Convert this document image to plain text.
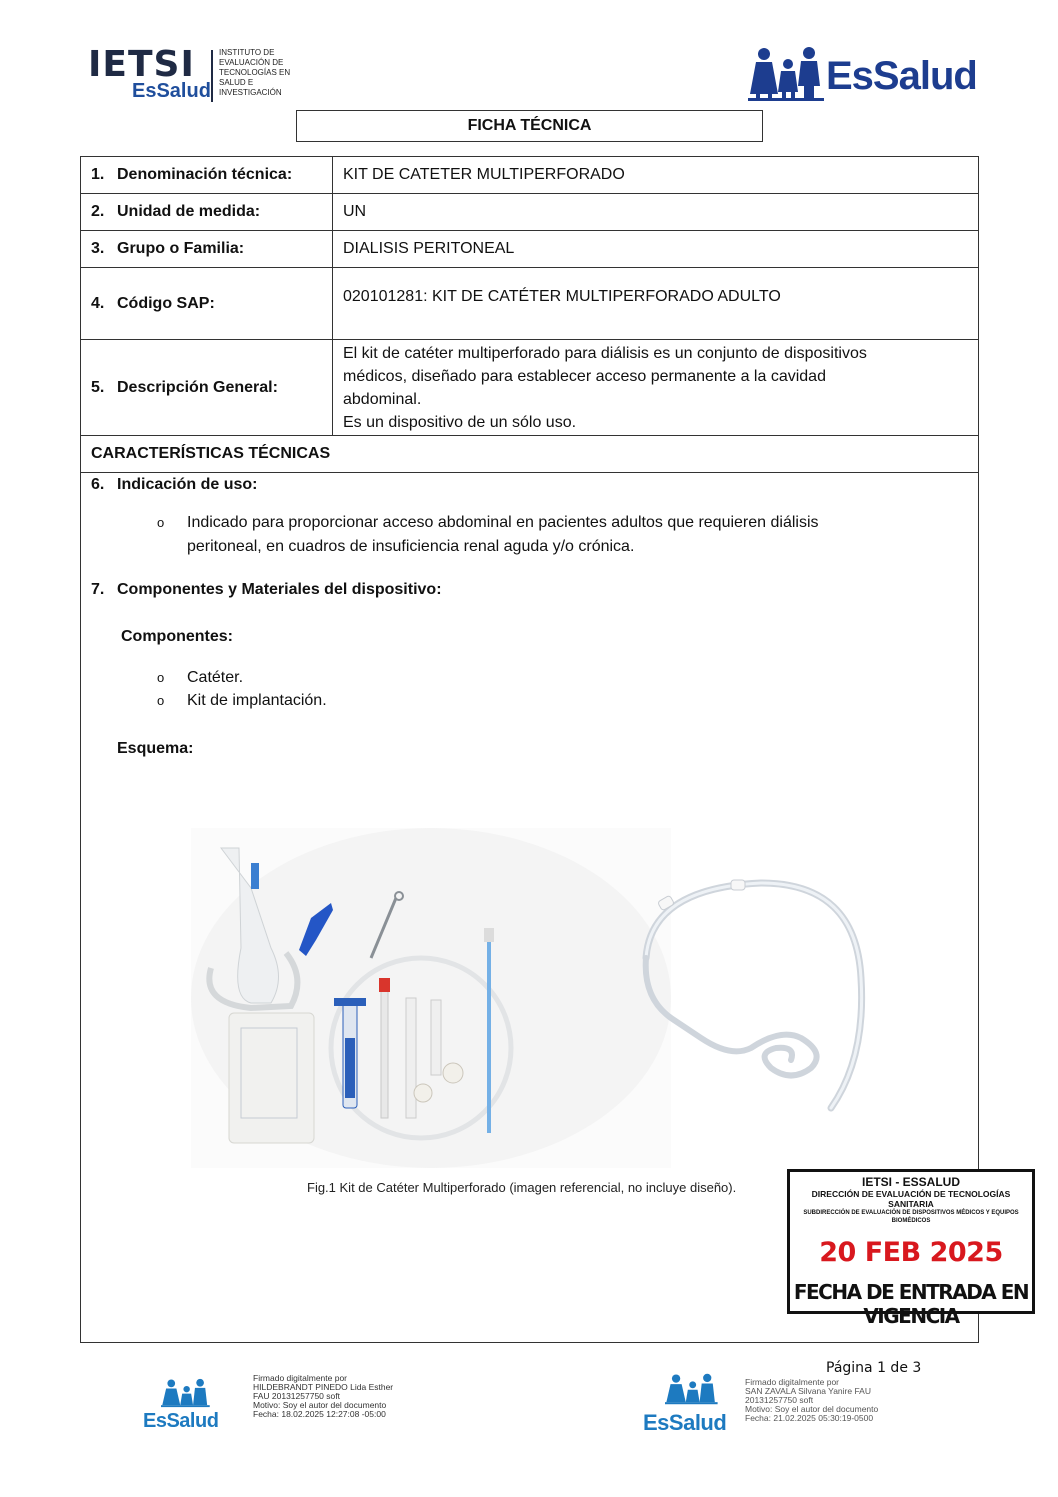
IETSI
EsSalud
INSTITUTO DE
EVALUACIÓN DE
TECNOLOGÍAS EN
SALUD E
INVESTIGACIÓN	EsSalud
FICHA TÉCNICA
1. Denominación técnica:	KIT DE CATETER MULTIPERFORADO
2. Unidad de medida:	UN
3. Grupo o Familia:	DIALISIS PERITONEAL
4. Código SAP:	020101281: KIT DE CATÉTER MULTIPERFORADO ADULTO
5. Descripción General:
El kit de catéter multiperforado para diálisis es un conjunto de dispositivos
médicos, diseñado para establecer acceso permanente a la cavidad
abdominal.
Es un dispositivo de un sólo uso.
CARACTERÍSTICAS TÉCNICAS
6. Indicación de uso:
o	Indicado para proporcionar acceso abdominal en pacientes adultos que requieren diálisis
peritoneal, en cuadros de insuficiencia renal aguda y/o crónica.
7. Componentes y Materiales del dispositivo:
Componentes:
o	Catéter.
o	Kit de implantación.
Esquema:
Fig.1 Kit de Catéter Multiperforado (imagen referencial, no incluye diseño).	IETSI - ESSALUD
DIRECCIÓN DE EVALUACIÓN DE TECNOLOGÍAS SANITARIA
SUBDIRECCIÓN DE EVALUACIÓN DE DISPOSITIVOS MÉDICOS Y EQUIPOS BIOMÉDICOS
20 FEB 2025
FECHA DE ENTRADA EN VIGENCIA
EsSalud
Firmado digitalmente por
HILDEBRANDT PINEDO Lida Esther
FAU 20131257750 soft
Motivo: Soy el autor del documento
Fecha: 18.02.2025 12:27:08 -05:00
Página 1 de 3
EsSalud
Firmado digitalmente por
SAN ZAVALA Silvana Yanire FAU
20131257750 soft
Motivo: Soy el autor del documento
Fecha: 21.02.2025 05:30:19-0500
